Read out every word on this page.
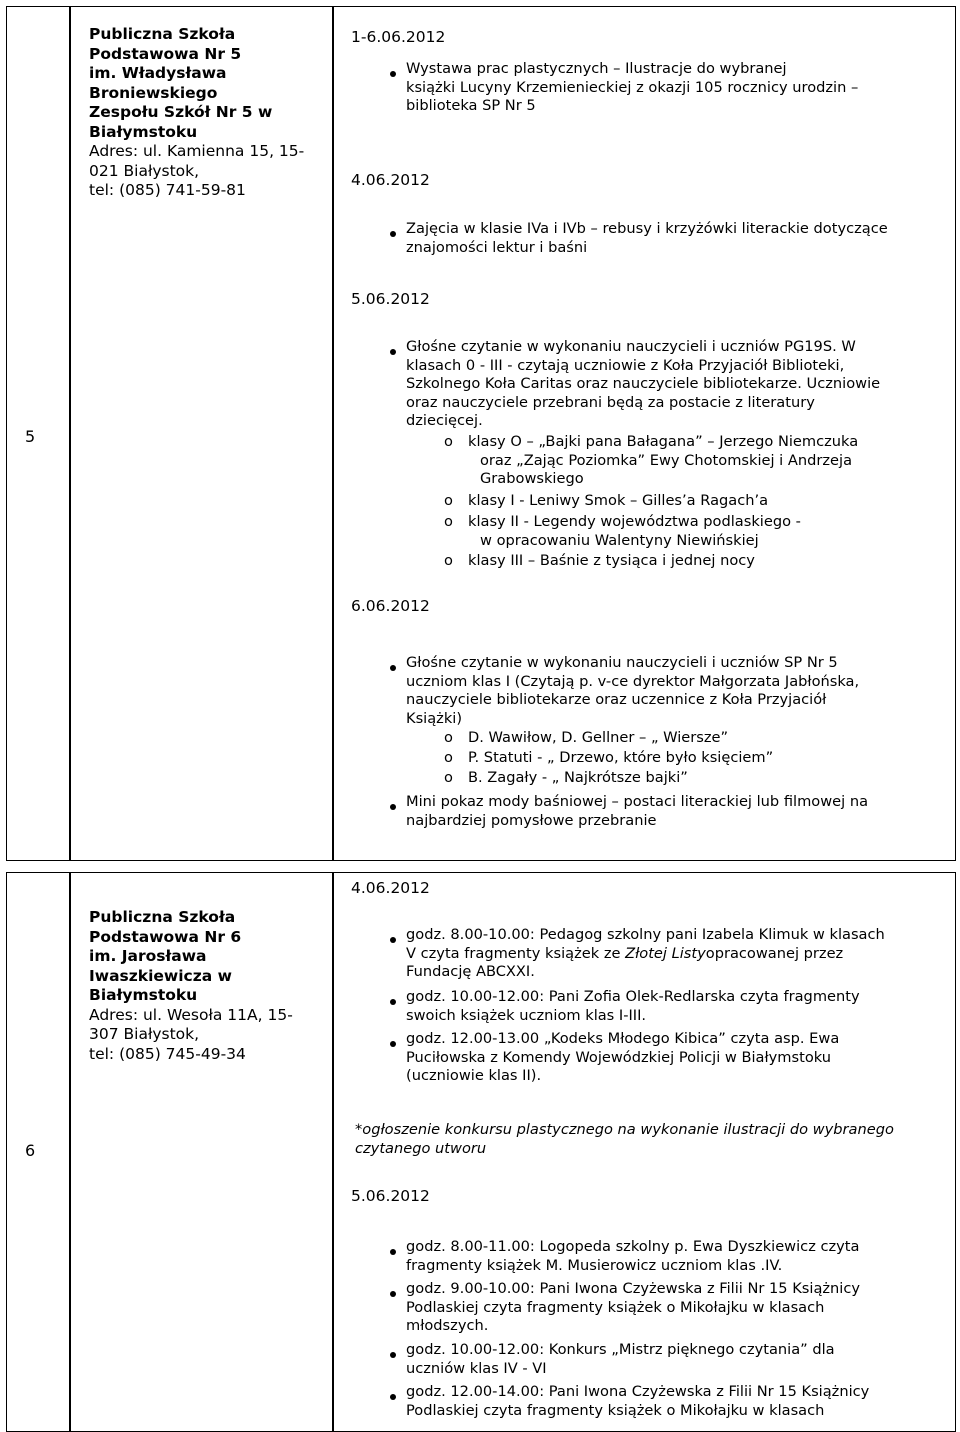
5
Publiczna Szkoła
Podstawowa Nr 5
im. Władysława
Broniewskiego
Zespołu Szkół Nr 5 w
Białymstoku
Adres: ul. Kamienna 15, 15-
021 Białystok,
tel: (085) 741-59-81
1-6.06.2012
Wystawa prac plastycznych – Ilustracje do wybranej
książki Lucyny Krzemienieckiej z okazji 105 rocznicy urodzin –
biblioteka SP Nr 5
4.06.2012
Zajęcia w klasie IVa i IVb – rebusy i krzyżówki literackie dotyczące
znajomości lektur i baśni
5.06.2012
Głośne czytanie w wykonaniu nauczycieli i uczniów PG19S. W
klasach 0 - III - czytają uczniowie z Koła Przyjaciół Biblioteki,
Szkolnego Koła Caritas oraz nauczyciele bibliotekarze. Uczniowie
oraz nauczyciele przebrani będą za postacie z literatury
dziecięcej.
o klasy O – „Bajki pana Bałagana” – Jerzego Niemczuka
oraz „Zając Poziomka” Ewy Chotomskiej i Andrzeja
Grabowskiego
o klasy I - Leniwy Smok – Gilles’a Ragach’a
o klasy II - Legendy województwa podlaskiego -
w opracowaniu Walentyny Niewińskiej
o klasy III – Baśnie z tysiąca i jednej nocy
6.06.2012
Głośne czytanie w wykonaniu nauczycieli i uczniów SP Nr 5
uczniom klas I (Czytają p. v-ce dyrektor Małgorzata Jabłońska,
nauczyciele bibliotekarze oraz uczennice z Koła Przyjaciół
Książki)
o D. Wawiłow, D. Gellner – „ Wiersze”
o P. Statuti - „ Drzewo, które było księciem”
o B. Zagały - „ Najkrótsze bajki”
Mini pokaz mody baśniowej – postaci literackiej lub filmowej na
najbardziej pomysłowe przebranie
6
Publiczna Szkoła
Podstawowa Nr 6
im. Jarosława
Iwaszkiewicza w
Białymstoku
Adres: ul. Wesoła 11A, 15-
307 Białystok,
tel: (085) 745-49-34
4.06.2012
godz. 8.00-10.00: Pedagog szkolny pani Izabela Klimuk w klasach
V czyta fragmenty książek ze Złotej Listyopracowanej przez
Fundację ABCXXI.
godz. 10.00-12.00: Pani Zofia Olek-Redlarska czyta fragmenty
swoich książek uczniom klas I-III.
godz. 12.00-13.00 „Kodeks Młodego Kibica” czyta asp. Ewa
Puciłowska z Komendy Wojewódzkiej Policji w Białymstoku
(uczniowie klas II).
*ogłoszenie konkursu plastycznego na wykonanie ilustracji do wybranego
czytanego utworu
5.06.2012
godz. 8.00-11.00: Logopeda szkolny p. Ewa Dyszkiewicz czyta
fragmenty książek M. Musierowicz uczniom klas .IV.
godz. 9.00-10.00: Pani Iwona Czyżewska z Filii Nr 15 Książnicy
Podlaskiej czyta fragmenty książek o Mikołajku w klasach
młodszych.
godz. 10.00-12.00: Konkurs „Mistrz pięknego czytania” dla
uczniów klas IV - VI
godz. 12.00-14.00: Pani Iwona Czyżewska z Filii Nr 15 Książnicy
Podlaskiej czyta fragmenty książek o Mikołajku w klasach
